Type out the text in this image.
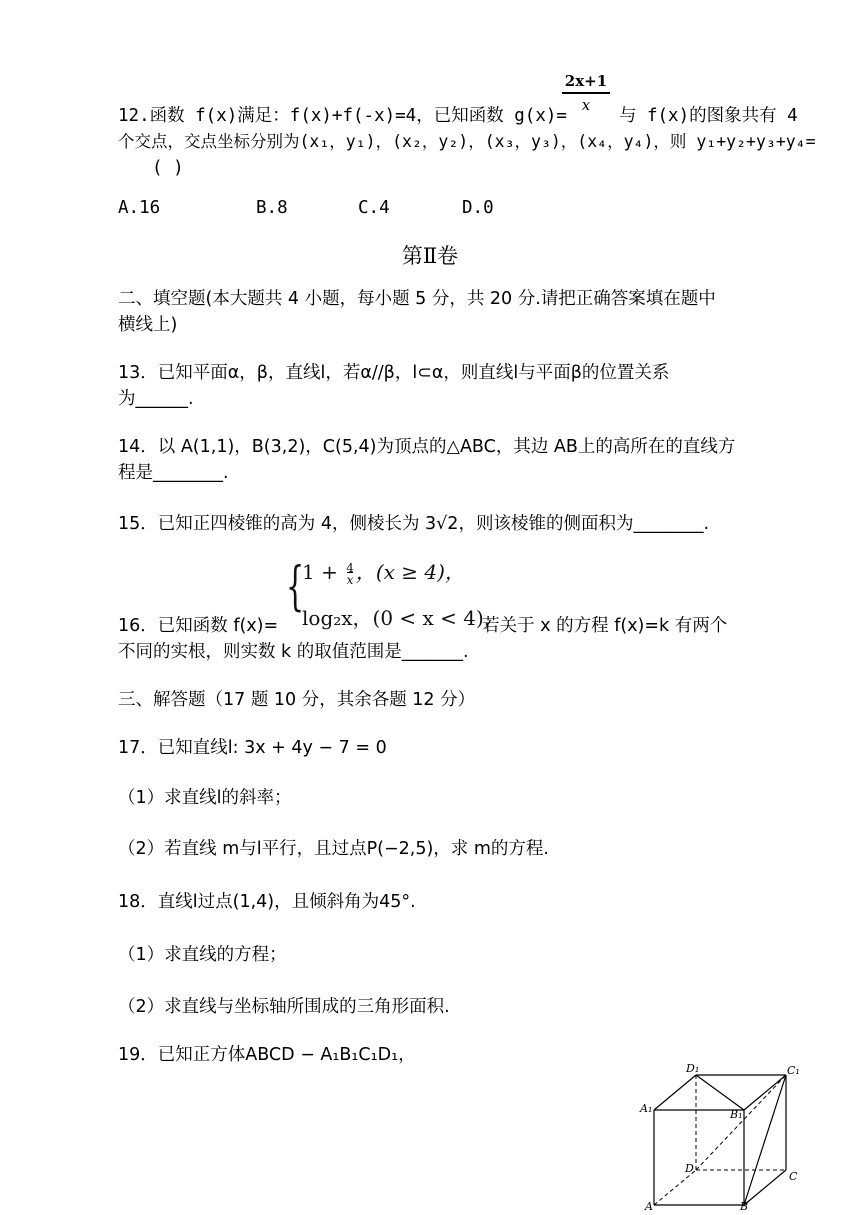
2x+1
x
12.函数 f(x)满足：f(x)+f(-x)=4，已知函数 g(x)=	与 f(x)的图象共有 4
个交点，交点坐标分别为(x₁，y₁)，(x₂，y₂)，(x₃，y₃)，(x₄，y₄)，则 y₁+y₂+y₃+y₄=
( )
A.16	B.8	C.4	D.0
第Ⅱ卷
二、填空题(本大题共 4 小题，每小题 5 分，共 20 分.请把正确答案填在题中
横线上)
13．已知平面α，β，直线l，若α//β，l⊂α，则直线l与平面β的位置关系
为______.
14．以 A(1,1)，B(3,2)，C(5,4)为顶点的△ABC，其边 AB上的高所在的直线方
程是________.
15．已知正四棱锥的高为 4，侧棱长为 3√2，则该棱锥的侧面积为________.
{
$1 + \frac{4}{x}$ ，(x ≥ 4)，
log₂x，(0 < x < 4)，
16．已知函数 f(x)=	若关于 x 的方程 f(x)=k 有两个
不同的实根，则实数 k 的取值范围是_______.
三、解答题（17 题 10 分，其余各题 12 分）
17．已知直线l: 3x + 4y − 7 = 0
（1）求直线l的斜率；
（2）若直线 m与l平行，且过点P(−2,5)，求 m的方程.
18．直线l过点(1,4)，且倾斜角为45°.
（1）求直线的方程；
（2）求直线与坐标轴所围成的三角形面积.
19．已知正方体ABCD − A₁B₁C₁D₁，
D₁	C₁
A₁	B₁
D
C
A	B
